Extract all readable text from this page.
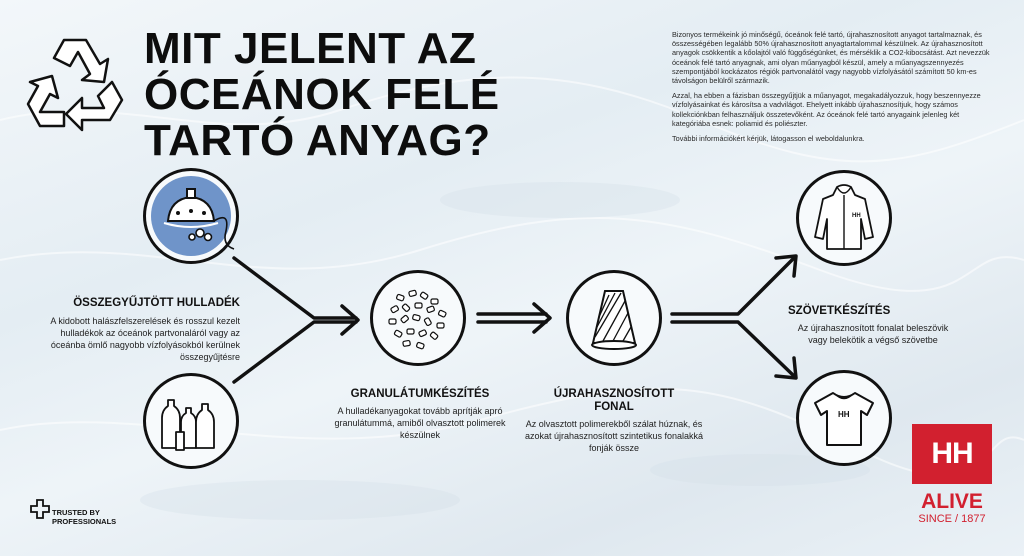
MIT JELENT AZ
ÓCEÁNOK FELÉ
TARTÓ ANYAG?

Bizonyos termékeink jó minőségű, óceánok felé tartó, újrahasznosított anyagot tartalmaznak, és összességében legalább 50% újrahasznosított anyagtartalommal készülnek. Az újrahasznosított anyagok csökkentik a kőolajtól való függőségünket, és mérséklik a CO2-kibocsátást. Azt nevezzük óceánok felé tartó anyagnak, ami olyan műanyagból készül, amely a műanyagszennyezés szempontjából kockázatos régiók partvonalától vagy nagyobb vízfolyásától számított 50 km-es távolságon belülről származik.

Azzal, ha ebben a fázisban összegyűjtjük a műanyagot, megakadályozzuk, hogy beszennyezze vízfolyásainkat és károsítsa a vadvilágot. Ehelyett inkább újrahasznosítjuk, hogy számos kollekciónkban felhasználjuk összetevőként. Az óceánok felé tartó anyagaink jelenleg két kategóriába esnek: poliamid és poliészter.

További információkért kérjük, látogasson el weboldalunkra.

HH
HH
ÖSSZEGYŰJTÖTT HULLADÉK
A kidobott halászfelszerelések és rosszul kezelt hulladékok az óceánok partvonaláról vagy az óceánba ömlő nagyobb vízfolyásokból kerülnek összegyűjtésre
GRANULÁTUMKÉSZÍTÉS
A hulladékanyagokat tovább aprítják apró granulátummá, amiből olvasztott polimerek készülnek
ÚJRAHASZNOSÍTOTT
FONAL
Az olvasztott polimerekből szálat húznak, és azokat újrahasznosított szintetikus fonalakká fonják össze
SZÖVETKÉSZÍTÉS
Az újrahasznosított fonalat beleszövik vagy belekötik a végső szövetbe
TRUSTED BY
PROFESSIONALS
HH
ALIVE
SINCE / 1877
